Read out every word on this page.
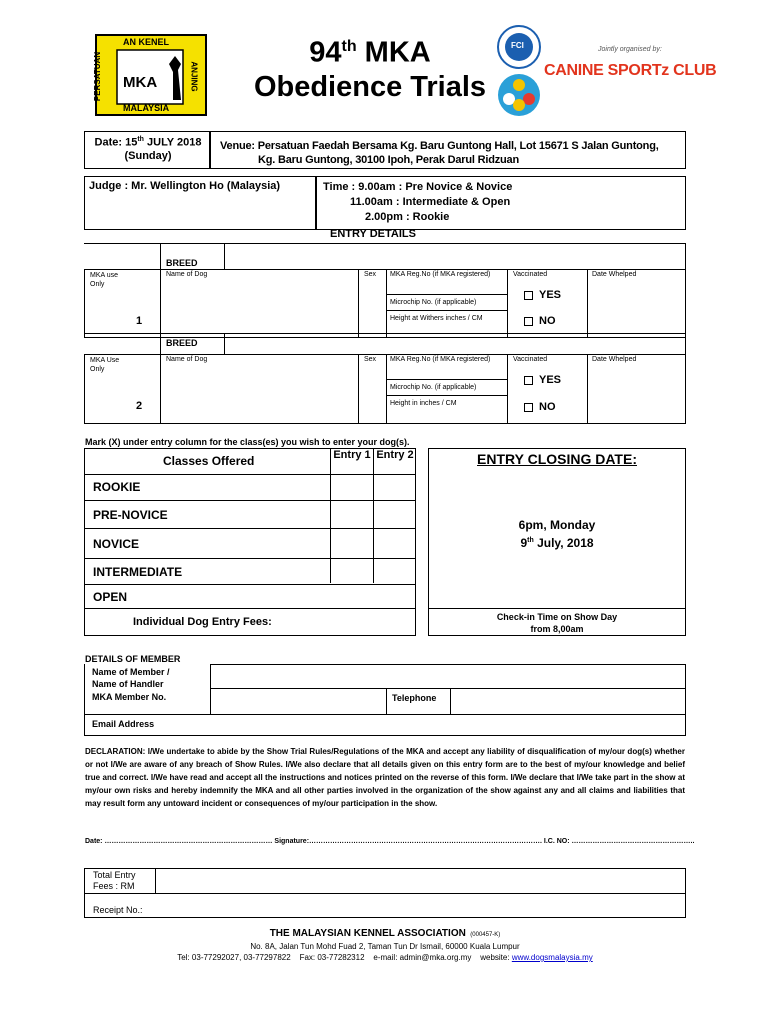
AN KENEL
PERSATUAN	ANJING
MKA
MALAYSIA
94th MKA
Obedience Trials
FCI	Jointly organised by:
CANINE SPORTz CLUB
Date: 15th JULY 2018
(Sunday)
Venue: Persatuan Faedah Bersama Kg. Baru Guntong Hall, Lot 15671 S Jalan Guntong,
Kg. Baru Guntong, 30100 Ipoh, Perak Darul Ridzuan
Judge : Mr. Wellington Ho (Malaysia)	Time : 9.00am : Pre Novice & Novice
11.00am : Intermediate & Open
2.00pm : Rookie
ENTRY DETAILS
BREED
MKA use Only
Name of Dog	Sex MKA Reg.No (if MKA registered)	Vaccinated	Date Whelped
Microchip No. (if applicable)
Height at Withers inches / CM
YES
NO
1
BREED
MKA Use Only
Name of Dog	Sex MKA Reg.No (if MKA registered)	Vaccinated	Date Whelped
Microchip No. (if applicable)
Height in inches / CM
YES
NO
2
Mark (X) under entry column for the class(es) you wish to enter your dog(s).
Classes Offered	Entry 1 Entry 2
ROOKIE
PRE-NOVICE
NOVICE
INTERMEDIATE
OPEN
Individual Dog Entry Fees:
ENTRY CLOSING DATE:
6pm, Monday
9th July, 2018
Check-in Time on Show Day
from 8,00am
DETAILS OF MEMBER
Name of Member /
Name of Handler
MKA Member No.	Telephone
Email Address
DECLARATION: I/We undertake to abide by the Show Trial Rules/Regulations of the MKA and accept any liability of disqualification of my/our dog(s) whether or not I/We are aware of any breach of Show Rules. I/We also declare that all details given on this entry form are to the best of my/our knowledge and belief true and correct. I/We have read and accept all the instructions and notices printed on the reverse of this form. I/We declare that I/We take part in the show at my/our own risks and hereby indemnify the MKA and all other parties involved in the organization of the show against any and all claims and liabilities that may result form any untoward incident or consequences of my/our participation in the show.
Date: ……………………………………………………………… Signature:………………………………………………………………………………………. I.C. NO: ……………………………………………..
Total Entry
Fees : RM
Receipt No.:
THE MALAYSIAN KENNEL ASSOCIATION (000457-K)
No. 8A, Jalan Tun Mohd Fuad 2, Taman Tun Dr Ismail, 60000 Kuala Lumpur
Tel: 03-77292027, 03-77297822 Fax: 03-77282312 e-mail: admin@mka.org.my website: www.dogsmalaysia.my
